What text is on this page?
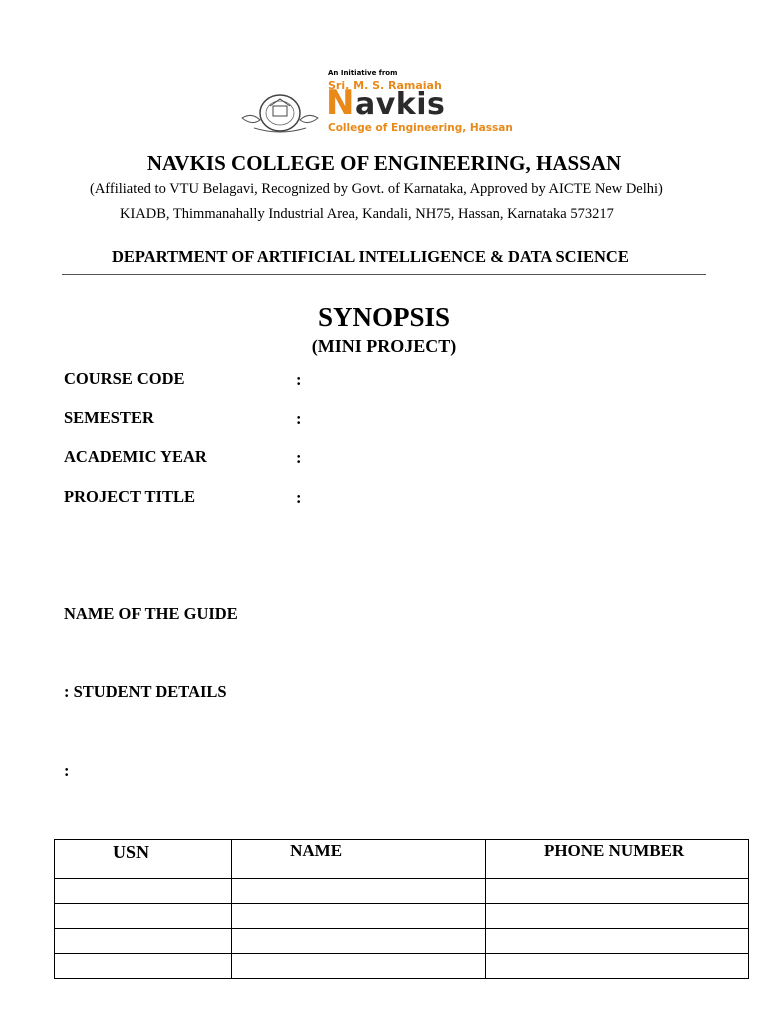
An Initiative from
Sri. M. S. Ramaiah
Navkis
College of Engineering, Hassan
NAVKIS COLLEGE OF ENGINEERING, HASSAN
(Affiliated to VTU Belagavi, Recognized by Govt. of Karnataka, Approved by AICTE New Delhi)
KIADB, Thimmanahally Industrial Area, Kandali, NH75, Hassan, Karnataka 573217
DEPARTMENT OF ARTIFICIAL INTELLIGENCE & DATA SCIENCE
SYNOPSIS
(MINI PROJECT)
COURSE CODE	:
SEMESTER	:
ACADEMIC YEAR	:
PROJECT TITLE	:
NAME OF THE GUIDE
: STUDENT DETAILS
:
USN	NAME	PHONE NUMBER
